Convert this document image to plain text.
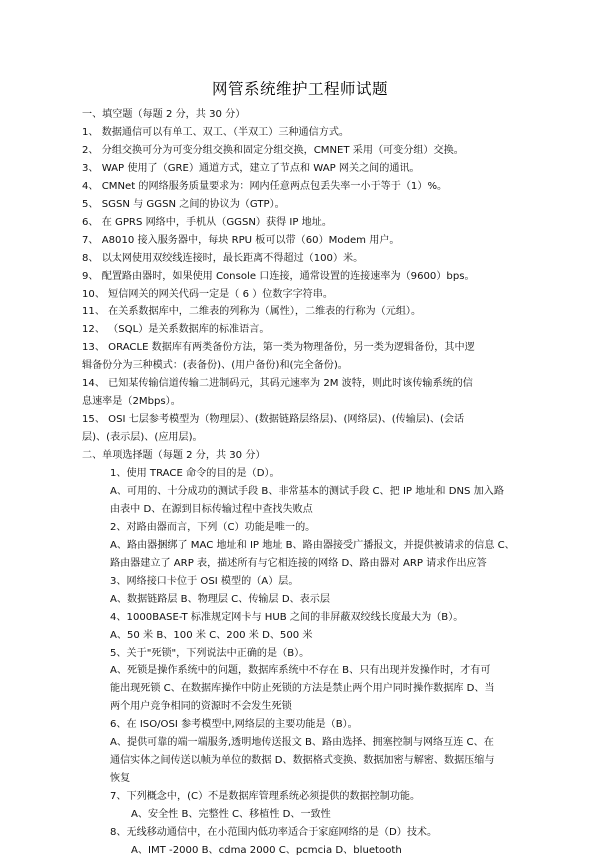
网管系统维护工程师试题
一、填空题（每题 2 分，共 30 分）
1、 数据通信可以有单工、双工、（半双工）三种通信方式。
2、 分组交换可分为可变分组交换和固定分组交换，CMNET 采用（可变分组）交换。
3、 WAP 使用了（GRE）通道方式，建立了节点和 WAP 网关之间的通讯。
4、 CMNet 的网络服务质量要求为：网内任意两点包丢失率一小于等于（1）%。
5、 SGSN 与 GGSN 之间的协议为（GTP）。
6、 在 GPRS 网络中，手机从（GGSN）获得 IP 地址。
7、 A8010 接入服务器中，每块 RPU 板可以带（60）Modem 用户。
8、 以太网使用双绞线连接时，最长距离不得超过（100）米。
9、 配置路由器时，如果使用 Console 口连接，通常设置的连接速率为（9600）bps。
10、 短信网关的网关代码一定是（ 6 ）位数字字符串。
11、 在关系数据库中，二维表的列称为（属性），二维表的行称为（元组）。
12、 （SQL）是关系数据库的标准语言。
13、 ORACLE 数据库有两类备份方法，第一类为物理备份，另一类为逻辑备份，其中逻
辑备份分为三种模式：(表备份)、(用户备份)和(完全备份)。
14、 已知某传输信道传输二进制码元，其码元速率为 2M 波特，则此时该传输系统的信
息速率是（2Mbps）。
15、 OSI 七层参考模型为（物理层）、(数据链路层络层)、(网络层)、(传输层)、(会话
层)、(表示层)、(应用层)。
二、单项选择题（每题 2 分，共 30 分）
1、使用 TRACE 命令的目的是（D）。
A、可用的、十分成功的测试手段 B、非常基本的测试手段 C、把 IP 地址和 DNS 加入路
由表中 D、在源到目标传输过程中查找失败点
2、对路由器而言，下列（C）功能是唯一的。
A、路由器捆绑了 MAC 地址和 IP 地址 B、路由器接受广播报文，并提供被请求的信息 C、
路由器建立了 ARP 表，描述所有与它相连接的网络 D、路由器对 ARP 请求作出应答
3、网络接口卡位于 OSI 模型的（A）层。
A、数据链路层 B、物理层 C、传输层 D、表示层
4、1000BASE-T 标准规定网卡与 HUB 之间的非屏蔽双绞线长度最大为（B）。
A、50 米 B、100 米 C、200 米 D、500 米
5、关于"死锁"，下列说法中正确的是（B）。
A、死锁是操作系统中的问题，数据库系统中不存在 B、只有出现并发操作时，才有可
能出现死锁 C、在数据库操作中防止死锁的方法是禁止两个用户同时操作数据库 D、当
两个用户竞争相同的资源时不会发生死锁
6、在 ISO/OSI 参考模型中,网络层的主要功能是（B）。
A、提供可靠的端一端服务,透明地传送报文 B、路由选择、拥塞控制与网络互连 C、在
通信实体之间传送以帧为单位的数据 D、数据格式变换、数据加密与解密、数据压缩与
恢复
7、下列概念中，(C）不是数据库管理系统必须提供的数据控制功能。
A、安全性 B、完整性 C、移植性 D、一致性
8、无线移动通信中，在小范围内低功率适合于家庭网络的是（D）技术。
A、IMT -2000 B、cdma 2000 C、pcmcia D、bluetooth
